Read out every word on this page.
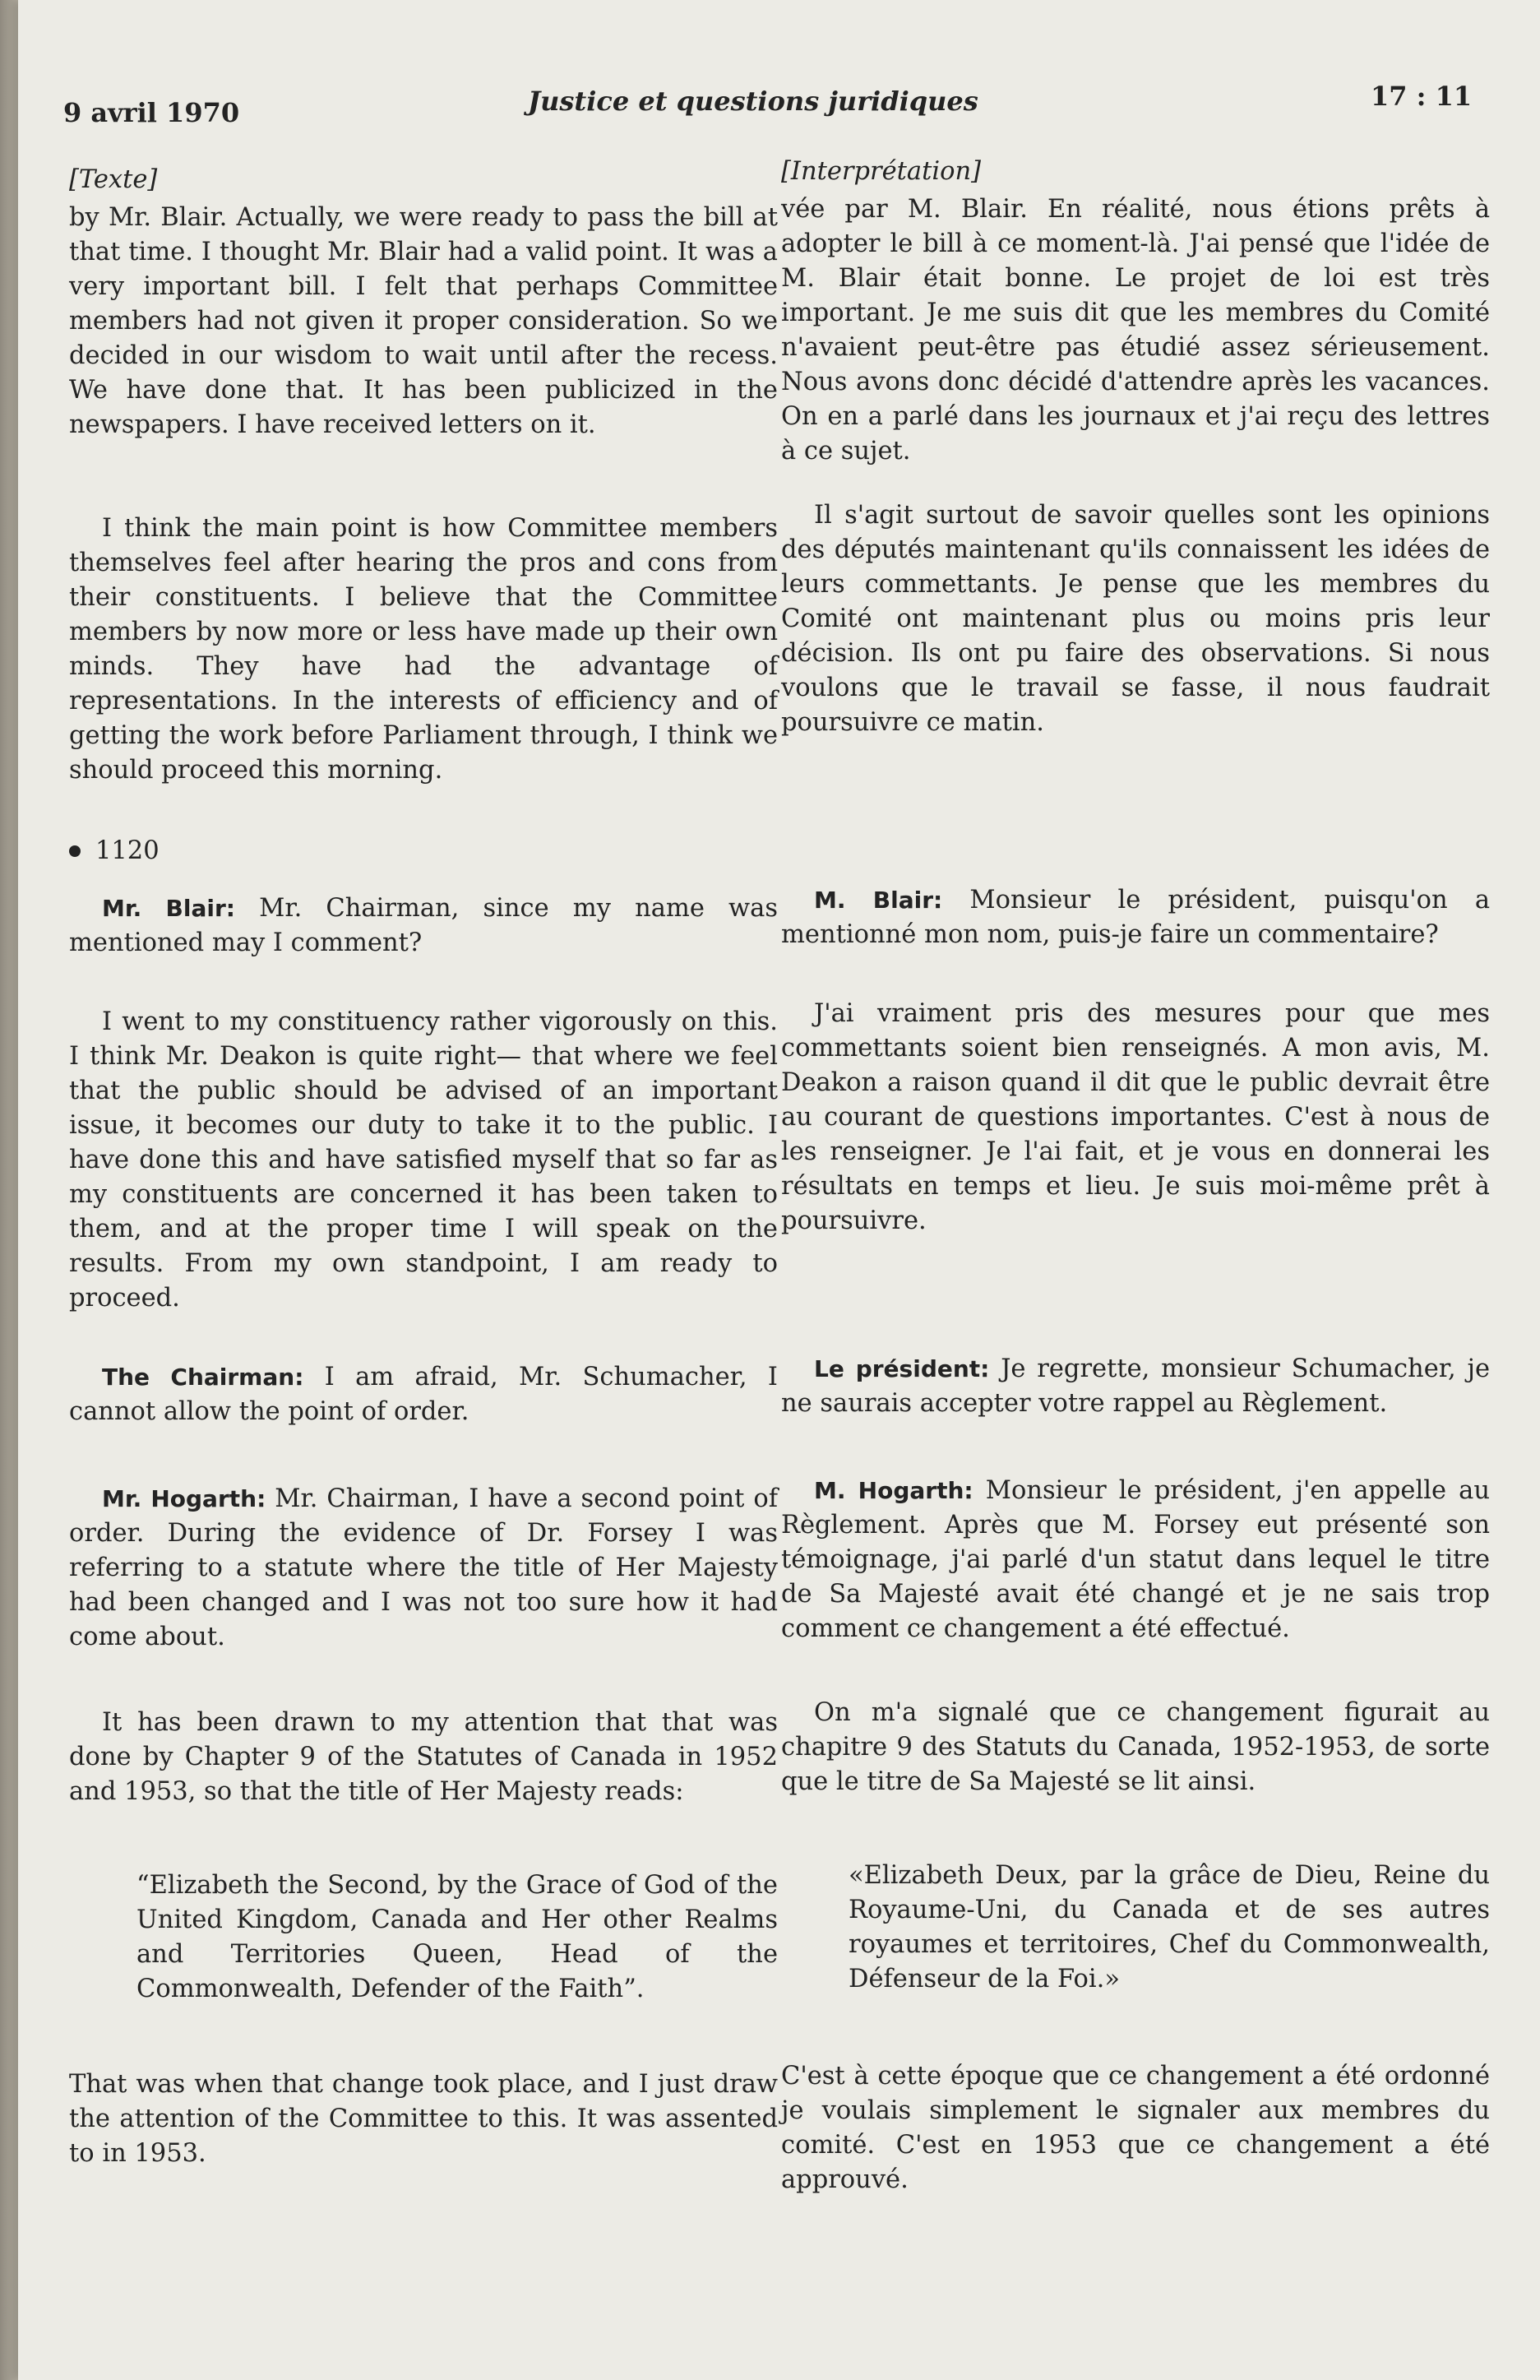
9 avril 1970	Justice et questions juridiques	17 : 11
[Texte]

by Mr. Blair. Actually, we were ready to pass the bill at that time. I thought Mr. Blair had a valid point. It was a very important bill. I felt that perhaps Committee members had not given it proper consideration. So we decided in our wisdom to wait until after the recess. We have done that. It has been publicized in the newspapers. I have received letters on it.

I think the main point is how Committee members themselves feel after hearing the pros and cons from their constituents. I believe that the Committee members by now more or less have made up their own minds. They have had the advantage of representations. In the interests of efficiency and of getting the work before Parliament through, I think we should proceed this morning.

1120

Mr. Blair: Mr. Chairman, since my name was mentioned may I comment?

I went to my constituency rather vigorously on this. I think Mr. Deakon is quite right— that where we feel that the public should be advised of an important issue, it becomes our duty to take it to the public. I have done this and have satisfied myself that so far as my constituents are concerned it has been taken to them, and at the proper time I will speak on the results. From my own standpoint, I am ready to proceed.

The Chairman: I am afraid, Mr. Schumacher, I cannot allow the point of order.

Mr. Hogarth: Mr. Chairman, I have a second point of order. During the evidence of Dr. Forsey I was referring to a statute where the title of Her Majesty had been changed and I was not too sure how it had come about.

It has been drawn to my attention that that was done by Chapter 9 of the Statutes of Canada in 1952 and 1953, so that the title of Her Majesty reads:

“Elizabeth the Second, by the Grace of God of the United Kingdom, Canada and Her other Realms and Territories Queen, Head of the Commonwealth, Defender of the Faith”.

That was when that change took place, and I just draw the attention of the Committee to this. It was assented to in 1953.

[Interprétation]

vée par M. Blair. En réalité, nous étions prêts à adopter le bill à ce moment-là. J'ai pensé que l'idée de M. Blair était bonne. Le projet de loi est très important. Je me suis dit que les membres du Comité n'avaient peut-être pas étudié assez sérieusement. Nous avons donc décidé d'attendre après les vacances. On en a parlé dans les journaux et j'ai reçu des lettres à ce sujet.

Il s'agit surtout de savoir quelles sont les opinions des députés maintenant qu'ils connaissent les idées de leurs commettants. Je pense que les membres du Comité ont maintenant plus ou moins pris leur décision. Ils ont pu faire des observations. Si nous voulons que le travail se fasse, il nous faudrait poursuivre ce matin.

M. Blair: Monsieur le président, puisqu'on a mentionné mon nom, puis-je faire un commentaire?

J'ai vraiment pris des mesures pour que mes commettants soient bien renseignés. A mon avis, M. Deakon a raison quand il dit que le public devrait être au courant de questions importantes. C'est à nous de les renseigner. Je l'ai fait, et je vous en donnerai les résultats en temps et lieu. Je suis moi-même prêt à poursuivre.

Le président: Je regrette, monsieur Schumacher, je ne saurais accepter votre rappel au Règlement.

M. Hogarth: Monsieur le président, j'en appelle au Règlement. Après que M. Forsey eut présenté son témoignage, j'ai parlé d'un statut dans lequel le titre de Sa Majesté avait été changé et je ne sais trop comment ce changement a été effectué.

On m'a signalé que ce changement figurait au chapitre 9 des Statuts du Canada, 1952-1953, de sorte que le titre de Sa Majesté se lit ainsi.

«Elizabeth Deux, par la grâce de Dieu, Reine du Royaume-Uni, du Canada et de ses autres royaumes et territoires, Chef du Commonwealth, Défenseur de la Foi.»

C'est à cette époque que ce changement a été ordonné je voulais simplement le signaler aux membres du comité. C'est en 1953 que ce changement a été approuvé.
